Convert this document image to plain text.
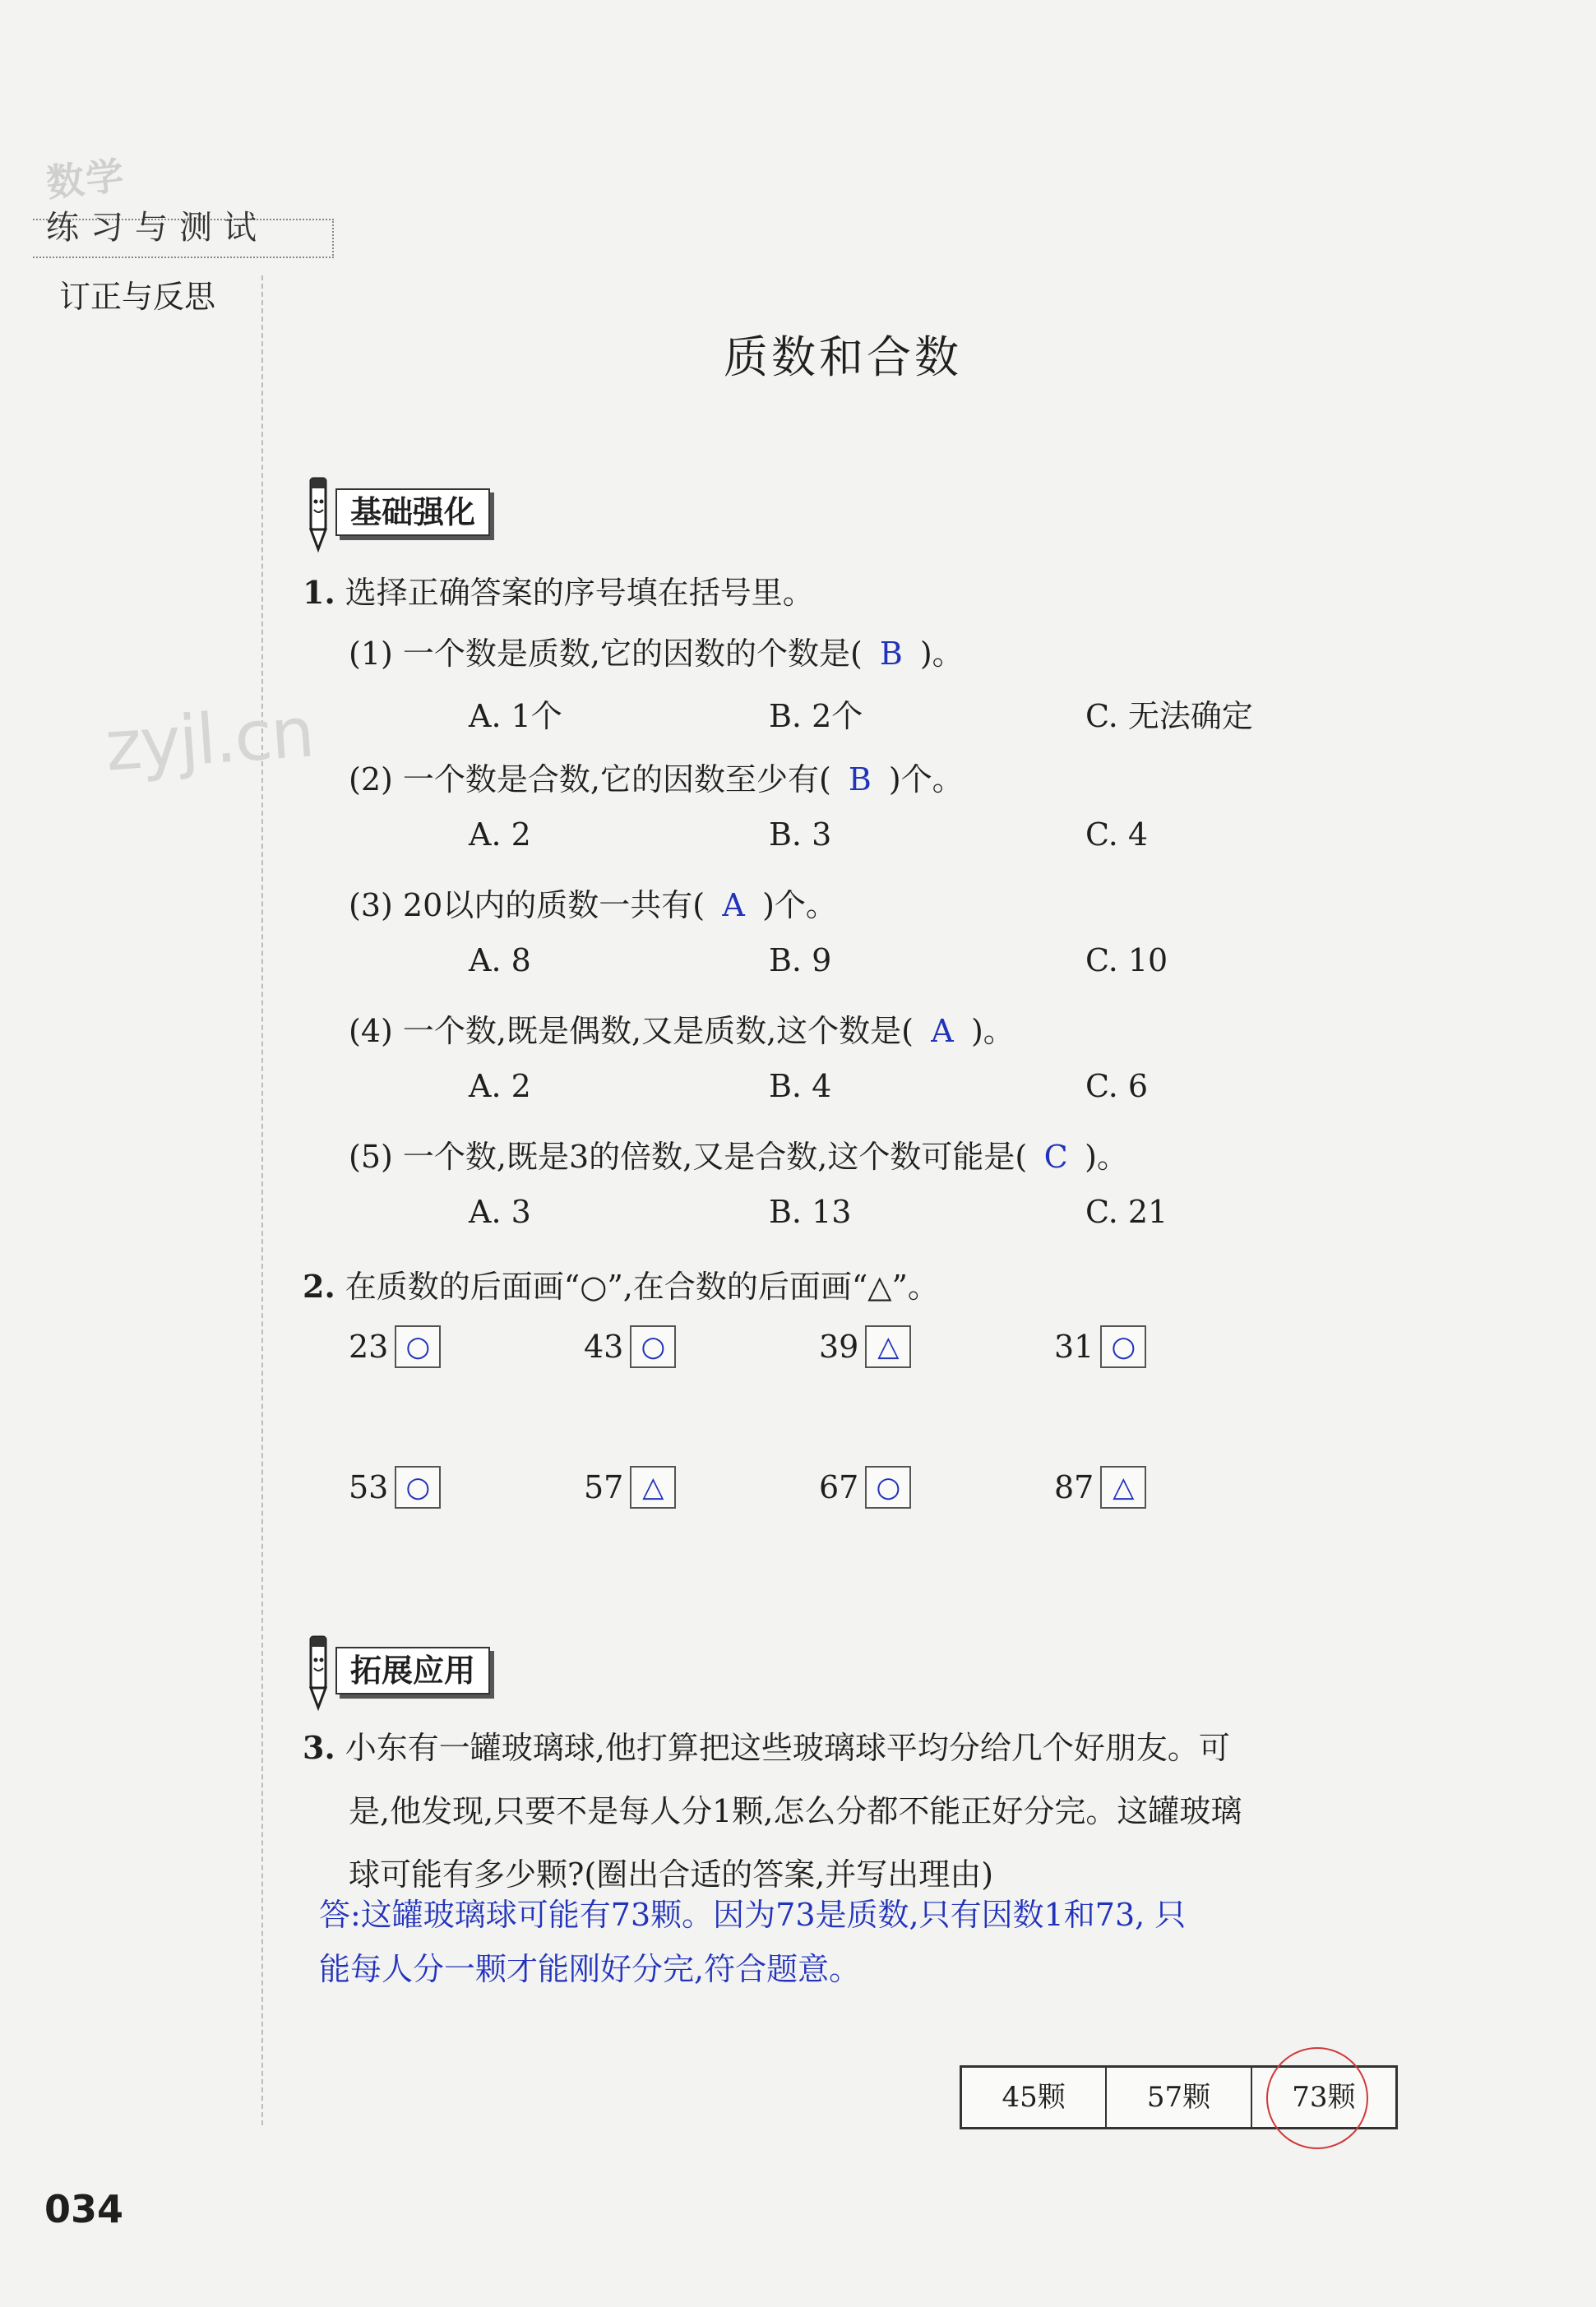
数学
练习与测试
订正与反思
zyjl.cn
质数和合数
基础强化
1. 选择正确答案的序号填在括号里。
(1) 一个数是质数,它的因数的个数是( B )。
A. 1个	B. 2个	C. 无法确定
(2) 一个数是合数,它的因数至少有( B )个。
A. 2	B. 3	C. 4
(3) 20以内的质数一共有( A )个。
A. 8	B. 9	C. 10
(4) 一个数,既是偶数,又是质数,这个数是( A )。
A. 2	B. 4	C. 6
(5) 一个数,既是3的倍数,又是合数,这个数可能是( C )。
A. 3	B. 13	C. 21
2. 在质数的后面画“○”,在合数的后面画“△”。
23 ○	43 ○	39 △	31 ○
53 ○	57 △	67 ○	87 △
拓展应用
3. 小东有一罐玻璃球,他打算把这些玻璃球平均分给几个好朋友。可
是,他发现,只要不是每人分1颗,怎么分都不能正好分完。这罐玻璃
球可能有多少颗?(圈出合适的答案,并写出理由)
答:这罐玻璃球可能有73颗。因为73是质数,只有因数1和73, 只
能每人分一颗才能刚好分完,符合题意。
45颗	57颗	73颗
034
